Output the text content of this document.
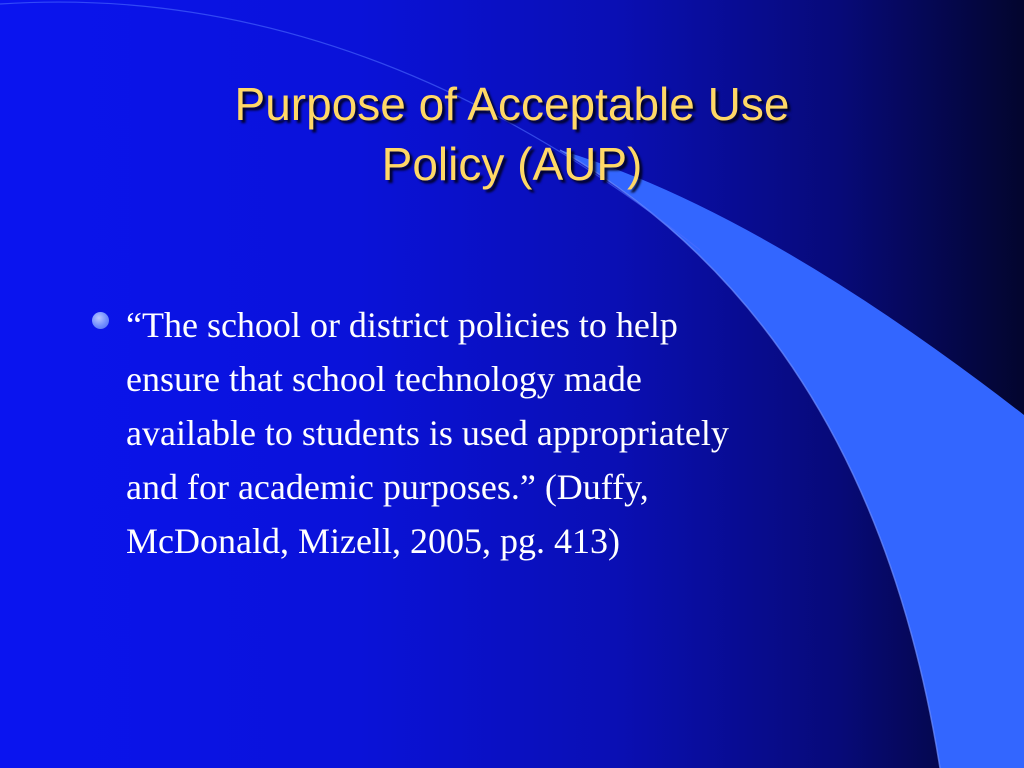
Purpose of Acceptable Use
Policy (AUP)
“The school or district policies to help
ensure that school technology made
available to students is used appropriately
and for academic purposes.” (Duffy,
McDonald, Mizell, 2005, pg. 413)
